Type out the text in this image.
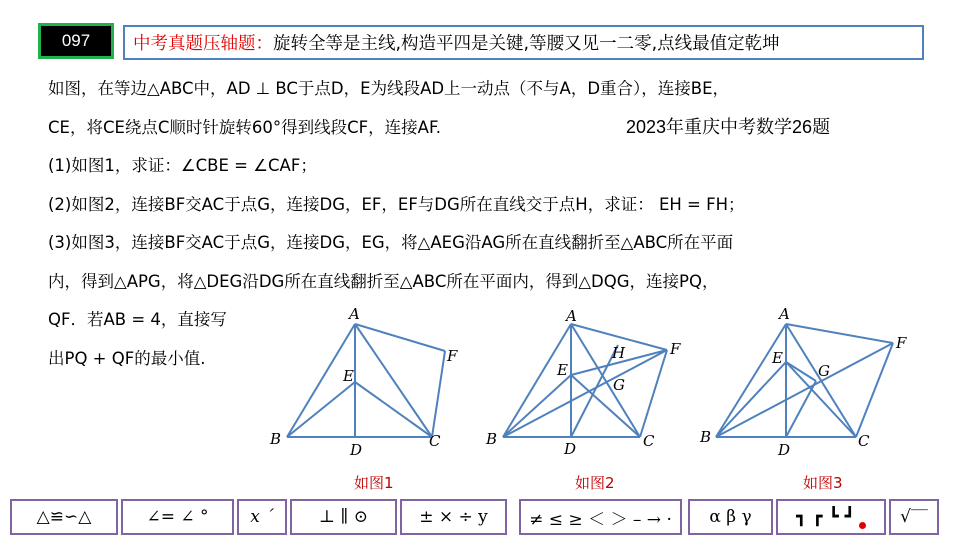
097	中考真题压轴题： 旋转全等是主线,构造平四是关键,等腰又见一二零,点线最值定乾坤
如图，在等边△ABC中，AD ⊥ BC于点D，E为线段AD上一动点（不与A，D重合），连接BE，
CE，将CE绕点C顺时针旋转60°得到线段CF，连接AF.
(1)如图1，求证：∠CBE = ∠CAF；
(2)如图2，连接BF交AC于点G，连接DG，EF，EF与DG所在直线交于点H，求证： EH = FH；
(3)如图3，连接BF交AC于点G，连接DG，EG，将△AEG沿AG所在直线翻折至△ABC所在平面
内，得到△APG，将△DEG沿DG所在直线翻折至△ABC所在平面内，得到△DQG，连接PQ，
QF．若AB = 4，直接写
出PQ + QF的最小值.
2023年重庆中考数学26题
A
B	C
D
E
F
A
B	C
D
E
F
G
H
A
B	C
D
E
F
G
如图1	如图2	如图3
△≌∽△	∠= ∠ ° x ´	⊥ ∥ ⊙	± × ÷ y ≠ ≤ ≥ ＜ ＞ – → · α β γ	┓ ┏ ┗ ┛	√‾‾
